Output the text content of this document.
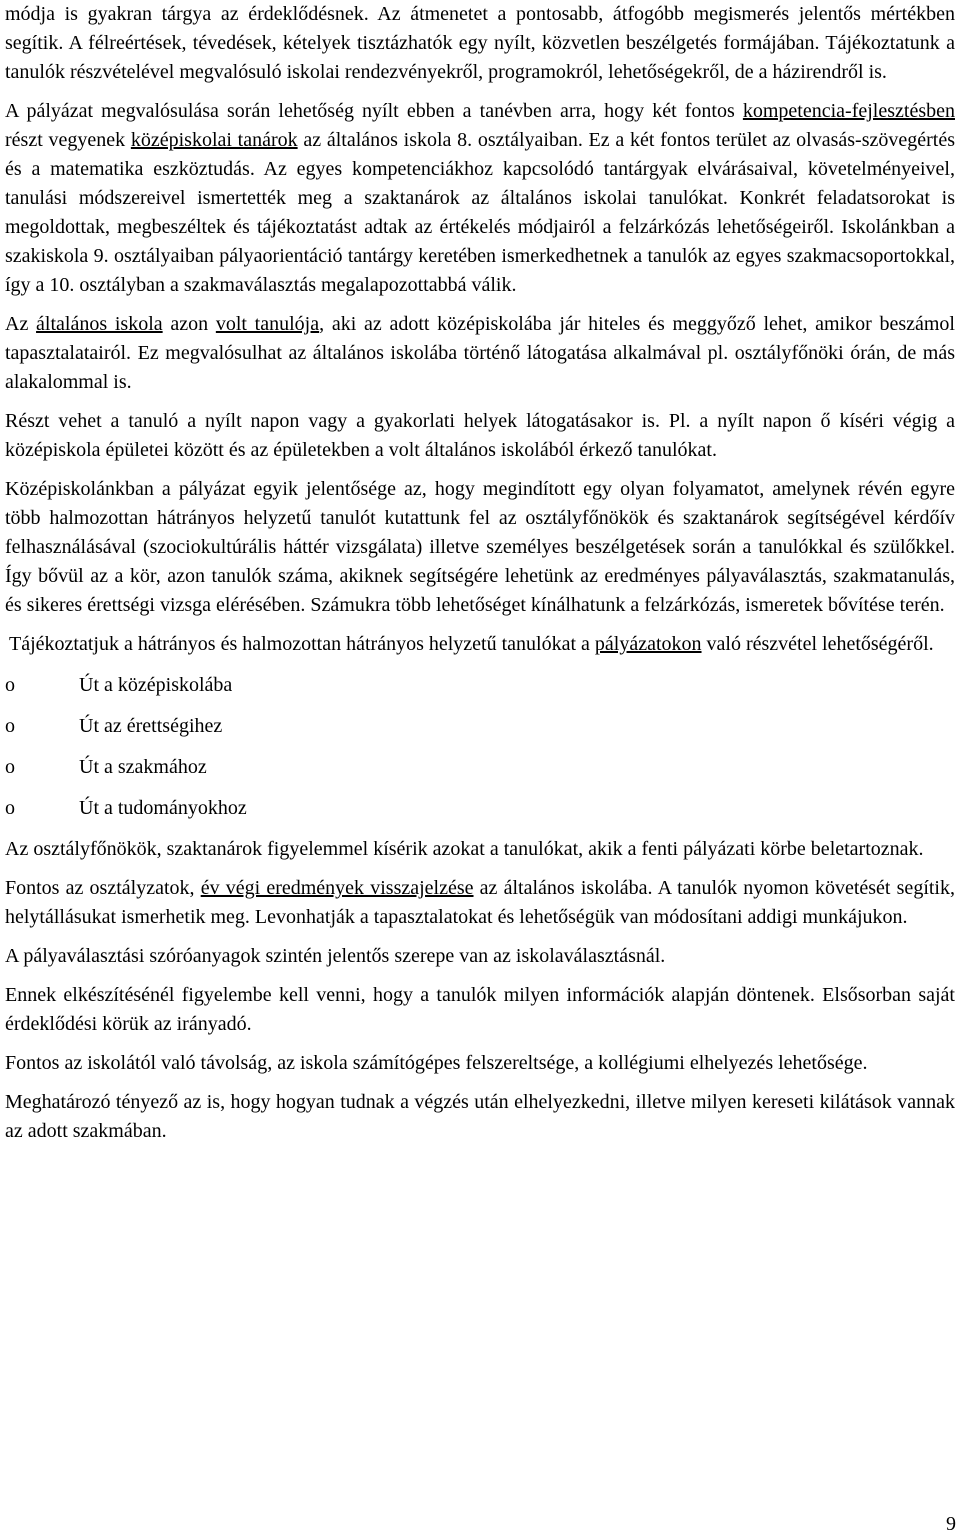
módja is gyakran tárgya az érdeklődésnek. Az átmenetet a pontosabb, átfogóbb megismerés jelentős mértékben segítik. A félreértések, tévedések, kételyek tisztázhatók egy nyílt, közvetlen beszélgetés formájában. Tájékoztatunk a tanulók részvételével megvalósuló iskolai rendezvényekről, programokról, lehetőségekről, de a házirendről is.

A pályázat megvalósulása során lehetőség nyílt ebben a tanévben arra, hogy két fontos kompetencia-fejlesztésben részt vegyenek középiskolai tanárok az általános iskola 8. osztályaiban. Ez a két fontos terület az olvasás-szövegértés és a matematika eszköztudás. Az egyes kompetenciákhoz kapcsolódó tantárgyak elvárásaival, követelményeivel, tanulási módszereivel ismertették meg a szaktanárok az általános iskolai tanulókat. Konkrét feladatsorokat is megoldottak, megbeszéltek és tájékoztatást adtak az értékelés módjairól a felzárkózás lehetőségeiről. Iskolánkban a szakiskola 9. osztályaiban pályaorientáció tantárgy keretében ismerkedhetnek a tanulók az egyes szakmacsoportokkal, így a 10. osztályban a szakmaválasztás megalapozottabbá válik.

Az általános iskola azon volt tanulója, aki az adott középiskolába jár hiteles és meggyőző lehet, amikor beszámol tapasztalatairól. Ez megvalósulhat az általános iskolába történő látogatása alkalmával pl. osztályfőnöki órán, de más alakalommal is.

Részt vehet a tanuló a nyílt napon vagy a gyakorlati helyek látogatásakor is. Pl. a nyílt napon ő kíséri végig a középiskola épületei között és az épületekben a volt általános iskolából érkező tanulókat.

Középiskolánkban a pályázat egyik jelentősége az, hogy megindított egy olyan folyamatot, amelynek révén egyre több halmozottan hátrányos helyzetű tanulót kutattunk fel az osztályfőnökök és szaktanárok segítségével kérdőív felhasználásával (szociokultúrális háttér vizsgálata) illetve személyes beszélgetések során a tanulókkal és szülőkkel. Így bővül az a kör, azon tanulók száma, akiknek segítségére lehetünk az eredményes pályaválasztás, szakmatanulás, és sikeres érettségi vizsga elérésében. Számukra több lehetőséget kínálhatunk a felzárkózás, ismeretek bővítése terén.

Tájékoztatjuk a hátrányos és halmozottan hátrányos helyzetű tanulókat a pályázatokon való részvétel lehetőségéről.

o	Út a középiskolába
o	Út az érettségihez
o	Út a szakmához
o	Út a tudományokhoz

Az osztályfőnökök, szaktanárok figyelemmel kísérik azokat a tanulókat, akik a fenti pályázati körbe beletartoznak.

Fontos az osztályzatok, év végi eredmények visszajelzése az általános iskolába. A tanulók nyomon követését segítik, helytállásukat ismerhetik meg. Levonhatják a tapasztalatokat és lehetőségük van módosítani addigi munkájukon.

A pályaválasztási szóróanyagok szintén jelentős szerepe van az iskolaválasztásnál.

Ennek elkészítésénél figyelembe kell venni, hogy a tanulók milyen információk alapján döntenek. Elsősorban saját érdeklődési körük az irányadó.

Fontos az iskolától való távolság, az iskola számítógépes felszereltsége, a kollégiumi elhelyezés lehetősége.

Meghatározó tényező az is, hogy hogyan tudnak a végzés után elhelyezkedni, illetve milyen kereseti kilátások vannak az adott szakmában.

9
